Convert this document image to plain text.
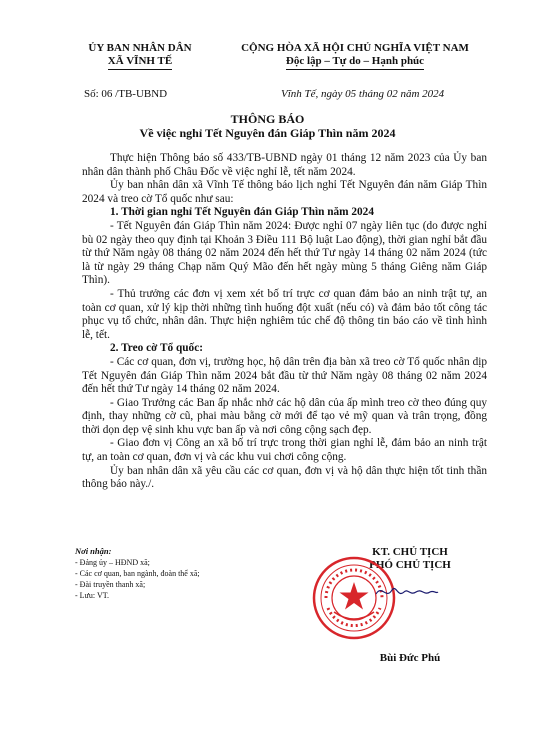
ỦY BAN NHÂN DÂN
XÃ VĨNH TẾ
CỘNG HÒA XÃ HỘI CHỦ NGHĨA VIỆT NAM
Độc lập – Tự do – Hạnh phúc
Số: 06 /TB-UBND	Vĩnh Tế, ngày 05 tháng 02 năm 2024
THÔNG BÁO
Về việc nghỉ Tết Nguyên đán Giáp Thìn năm 2024

Thực hiện Thông báo số 433/TB-UBND ngày 01 tháng 12 năm 2023 của Ủy ban nhân dân thành phố Châu Đốc về việc nghỉ lễ, tết năm 2024.

Ủy ban nhân dân xã Vĩnh Tế thông báo lịch nghỉ Tết Nguyên đán năm Giáp Thìn 2024 và treo cờ Tổ quốc như sau:

1. Thời gian nghỉ Tết Nguyên đán Giáp Thìn năm 2024

- Tết Nguyên đán Giáp Thìn năm 2024: Được nghỉ 07 ngày liên tục (do được nghỉ bù 02 ngày theo quy định tại Khoản 3 Điều 111 Bộ luật Lao động), thời gian nghỉ bắt đầu từ thứ Năm ngày 08 tháng 02 năm 2024 đến hết thứ Tư ngày 14 tháng 02 năm 2024 (tức là từ ngày 29 tháng Chạp năm Quý Mão đến hết ngày mùng 5 tháng Giêng năm Giáp Thìn).

- Thủ trưởng các đơn vị xem xét bố trí trực cơ quan đảm bảo an ninh trật tự, an toàn cơ quan, xử lý kịp thời những tình huống đột xuất (nếu có) và đảm bảo tốt công tác phục vụ tổ chức, nhân dân. Thực hiện nghiêm túc chế độ thông tin báo cáo về tình hình lễ, tết.

2. Treo cờ Tổ quốc:

- Các cơ quan, đơn vị, trường học, hộ dân trên địa bàn xã treo cờ Tổ quốc nhân dịp Tết Nguyên đán Giáp Thìn năm 2024 bắt đầu từ thứ Năm ngày 08 tháng 02 năm 2024 đến hết thứ Tư ngày 14 tháng 02 năm 2024.

- Giao Trưởng các Ban ấp nhắc nhở các hộ dân của ấp mình treo cờ theo đúng quy định, thay những cờ cũ, phai màu bằng cờ mới để tạo vẻ mỹ quan và trân trọng, đồng thời dọn dẹp vệ sinh khu vực ban ấp và nơi công cộng sạch đẹp.

- Giao đơn vị Công an xã bố trí trực trong thời gian nghỉ lễ, đảm bảo an ninh trật tự, an toàn cơ quan, đơn vị và các khu vui chơi công cộng.

Ủy ban nhân dân xã yêu cầu các cơ quan, đơn vị và hộ dân thực hiện tốt tinh thần thông báo này./.

Nơi nhận:
- Đảng ủy – HĐND xã;
- Các cơ quan, ban ngành, đoàn thể xã;
- Đài truyền thanh xã;
- Lưu: VT.
KT. CHỦ TỊCH
PHÓ CHỦ TỊCH
Bùi Đức Phú
